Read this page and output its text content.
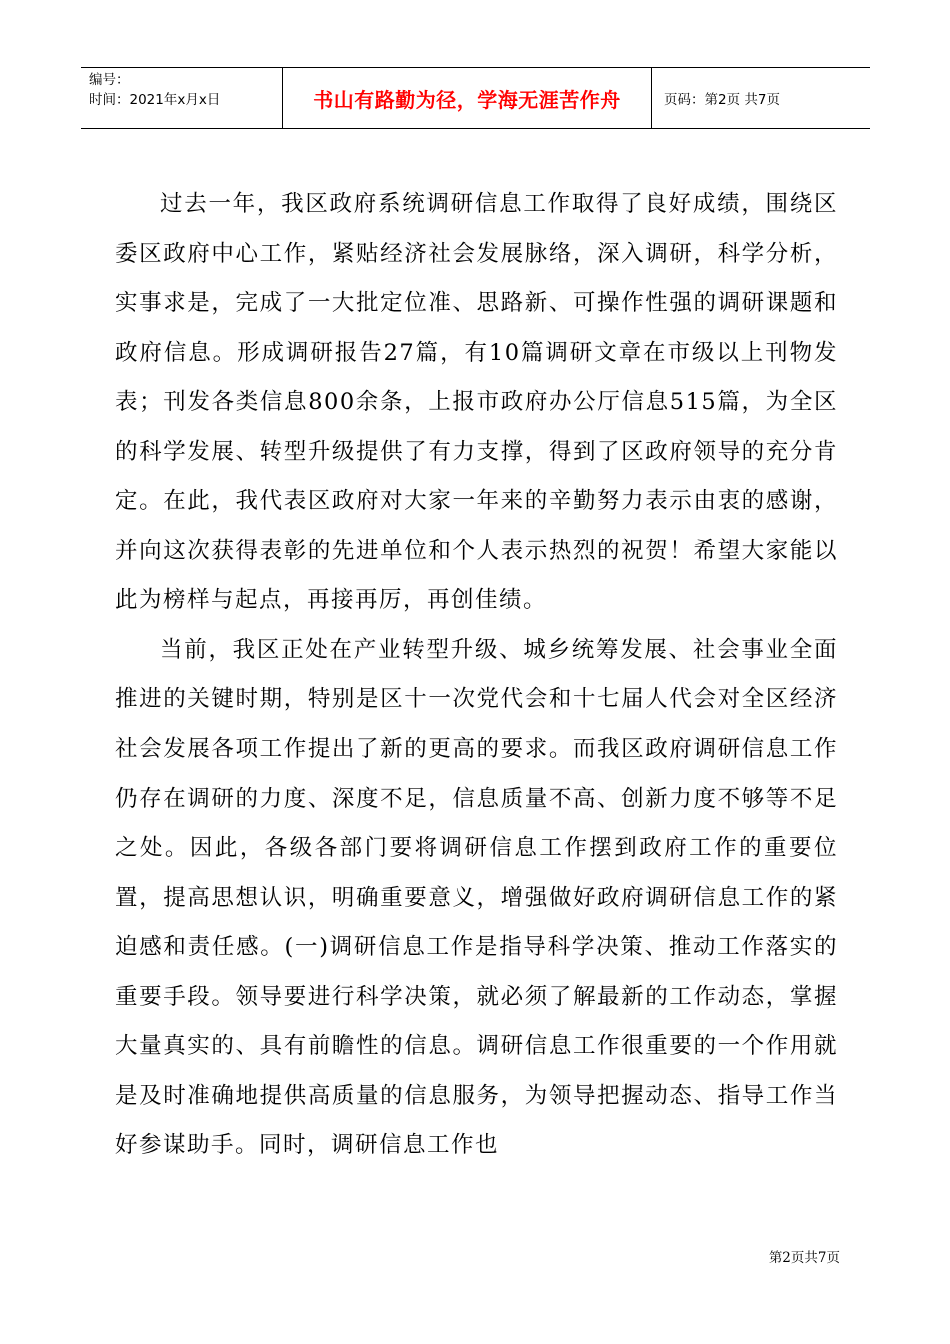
编号：
时间：2021年x月x日	书山有路勤为径，学海无涯苦作舟	页码：第2页 共7页

过去一年，我区政府系统调研信息工作取得了良好成绩，围绕区委区政府中心工作，紧贴经济社会发展脉络，深入调研，科学分析，实事求是，完成了一大批定位准、思路新、可操作性强的调研课题和政府信息。形成调研报告27篇，有10篇调研文章在市级以上刊物发表；刊发各类信息800余条，上报市政府办公厅信息515篇，为全区的科学发展、转型升级提供了有力支撑，得到了区政府领导的充分肯定。在此，我代表区政府对大家一年来的辛勤努力表示由衷的感谢，并向这次获得表彰的先进单位和个人表示热烈的祝贺！希望大家能以此为榜样与起点，再接再厉，再创佳绩。

当前，我区正处在产业转型升级、城乡统筹发展、社会事业全面推进的关键时期，特别是区十一次党代会和十七届人代会对全区经济社会发展各项工作提出了新的更高的要求。而我区政府调研信息工作仍存在调研的力度、深度不足，信息质量不高、创新力度不够等不足之处。因此，各级各部门要将调研信息工作摆到政府工作的重要位置，提高思想认识，明确重要意义，增强做好政府调研信息工作的紧迫感和责任感。(一)调研信息工作是指导科学决策、推动工作落实的重要手段。领导要进行科学决策，就必须了解最新的工作动态，掌握大量真实的、具有前瞻性的信息。调研信息工作很重要的一个作用就是及时准确地提供高质量的信息服务，为领导把握动态、指导工作当好参谋助手。同时，调研信息工作也

第2页共7页
